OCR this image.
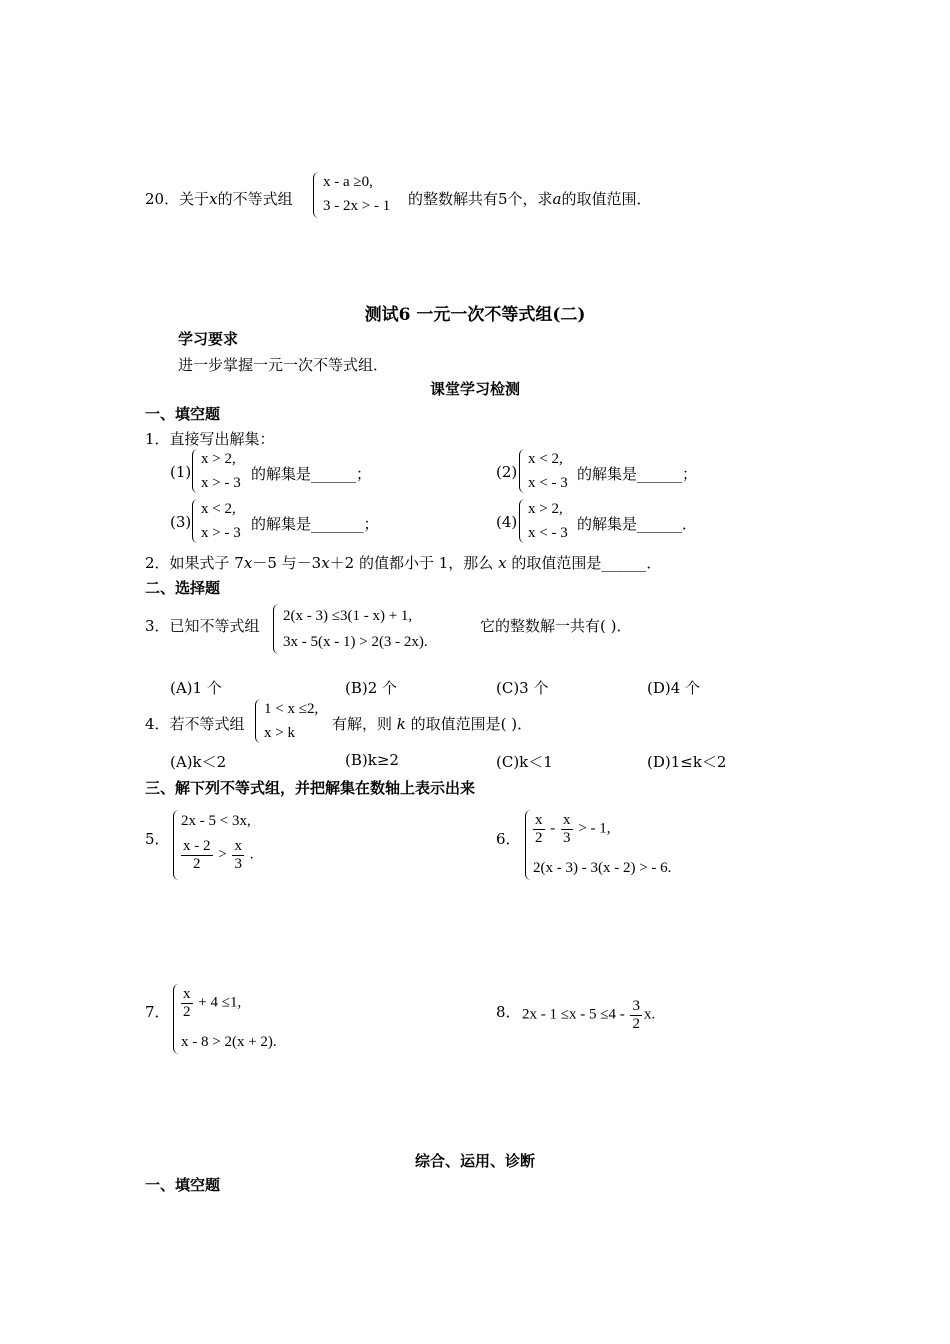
20．关于x的不等式组
x - a ≥0,
3 - 2x > - 1 的整数解共有5个，求a的取值范围．
测试6 一元一次不等式组(二)
学习要求
进一步掌握一元一次不等式组．
课堂学习检测
一、填空题
1．直接写出解集：
(1)
x > 2,
x > - 3 的解集是______；	(2)
x < 2,
x < - 3 的解集是______；
(3)
x < 2,
x > - 3 的解集是_______；	(4)
x > 2,
x < - 3 的解集是______．
2．如果式子 7x－5 与－3x＋2 的值都小于 1，那么 x 的取值范围是______．
二、选择题
3．已知不等式组
2(x - 3) ≤3(1 - x) + 1,
3x - 5(x - 1) > 2(3 - 2x).
它的整数解一共有( )．
(A)1 个	(B)2 个	(C)3 个	(D)4 个
4．若不等式组
1 < x ≤2,
x > k 有解，则 k 的取值范围是( )．
(A)k＜2	(B)k≥2	(C)k＜1	(D)1≤k＜2
三、解下列不等式组，并把解集在数轴上表示出来
5．
2x - 5 < 3x,
$\frac{x - 2}{2} > \frac{x}{3}$ .
6． $\frac{x}{2} - \frac{x}{3}$ > - 1,
2(x - 3) - 3(x - 2) > - 6.
7． $\frac{x}{2} + 4 \le 1$,
x - 8 > 2(x + 2).
8． $2x - 1 \le x - 5 \le 4 - \frac{3}{2} x$.
综合、运用、诊断
一、填空题
